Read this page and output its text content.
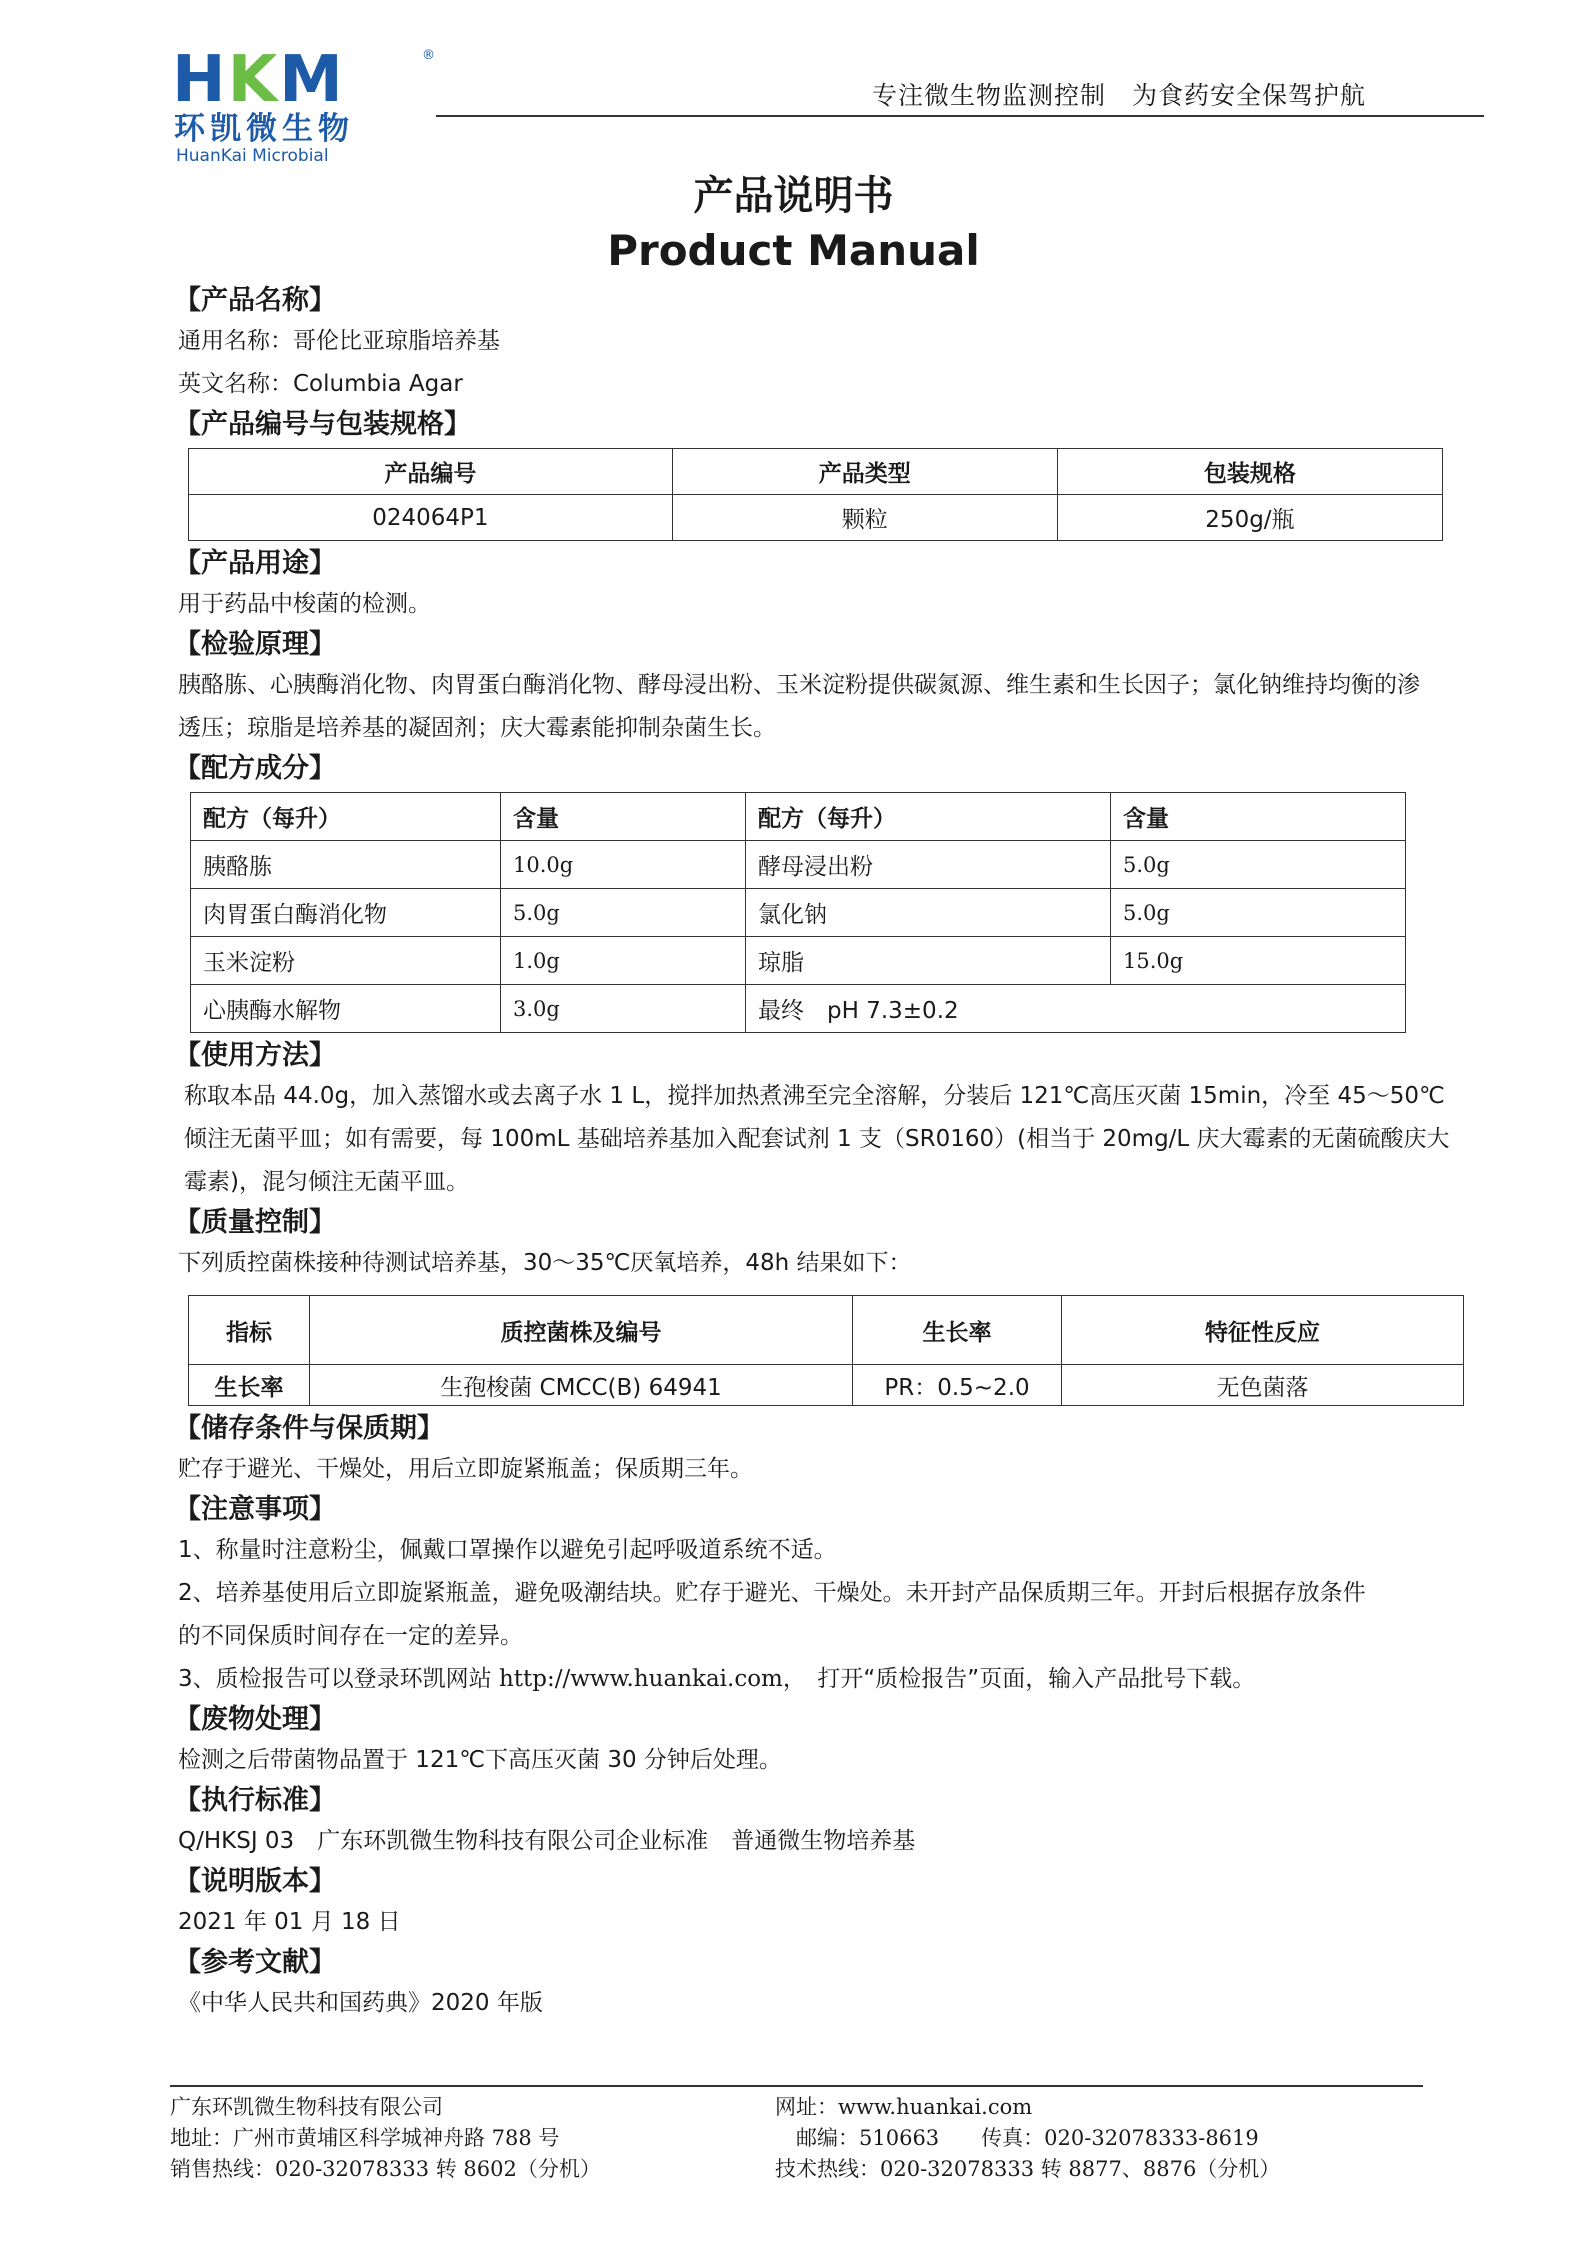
HKM	®
环凯微生物
HuanKai Microbial
专注微生物监测控制　为食药安全保驾护航
产品说明书
Product Manual
【产品名称】
通用名称：哥伦比亚琼脂培养基
英文名称：Columbia Agar
【产品编号与包装规格】
产品编号	产品类型	包装规格
024064P1	颗粒	250g/瓶
【产品用途】
用于药品中梭菌的检测。
【检验原理】
胰酪胨、心胰酶消化物、肉胃蛋白酶消化物、酵母浸出粉、玉米淀粉提供碳氮源、维生素和生长因子；氯化钠维持均衡的渗
透压；琼脂是培养基的凝固剂；庆大霉素能抑制杂菌生长。
【配方成分】
配方（每升）	含量	配方（每升）	含量
胰酪胨	10.0g	酵母浸出粉	5.0g
肉胃蛋白酶消化物	5.0g	氯化钠	5.0g
玉米淀粉	1.0g	琼脂	15.0g
心胰酶水解物	3.0g	最终　pH 7.3±0.2	
【使用方法】
称取本品 44.0g，加入蒸馏水或去离子水 1 L，搅拌加热煮沸至完全溶解，分装后 121℃高压灭菌 15min，冷至 45～50℃
倾注无菌平皿；如有需要，每 100mL 基础培养基加入配套试剂 1 支（SR0160）(相当于 20mg/L 庆大霉素的无菌硫酸庆大
霉素)，混匀倾注无菌平皿。
【质量控制】
下列质控菌株接种待测试培养基，30～35℃厌氧培养，48h 结果如下：
指标	质控菌株及编号	生长率	特征性反应
生长率	生孢梭菌 CMCC(B) 64941	PR：0.5~2.0	无色菌落
【储存条件与保质期】
贮存于避光、干燥处，用后立即旋紧瓶盖；保质期三年。
【注意事项】
1、称量时注意粉尘，佩戴口罩操作以避免引起呼吸道系统不适。
2、培养基使用后立即旋紧瓶盖，避免吸潮结块。贮存于避光、干燥处。未开封产品保质期三年。开封后根据存放条件
的不同保质时间存在一定的差异。
3、质检报告可以登录环凯网站 http://www.huankai.com，　打开“质检报告”页面，输入产品批号下载。
【废物处理】
检测之后带菌物品置于 121℃下高压灭菌 30 分钟后处理。
【执行标准】
Q/HKSJ 03　广东环凯微生物科技有限公司企业标准　普通微生物培养基
【说明版本】
2021 年 01 月 18 日
【参考文献】
《中华人民共和国药典》2020 年版
广东环凯微生物科技有限公司
地址：广州市黄埔区科学城神舟路 788 号
销售热线：020-32078333 转 8602（分机）
网址：www.huankai.com
　邮编：510663　　传真：020-32078333-8619
技术热线：020-32078333 转 8877、8876（分机）
